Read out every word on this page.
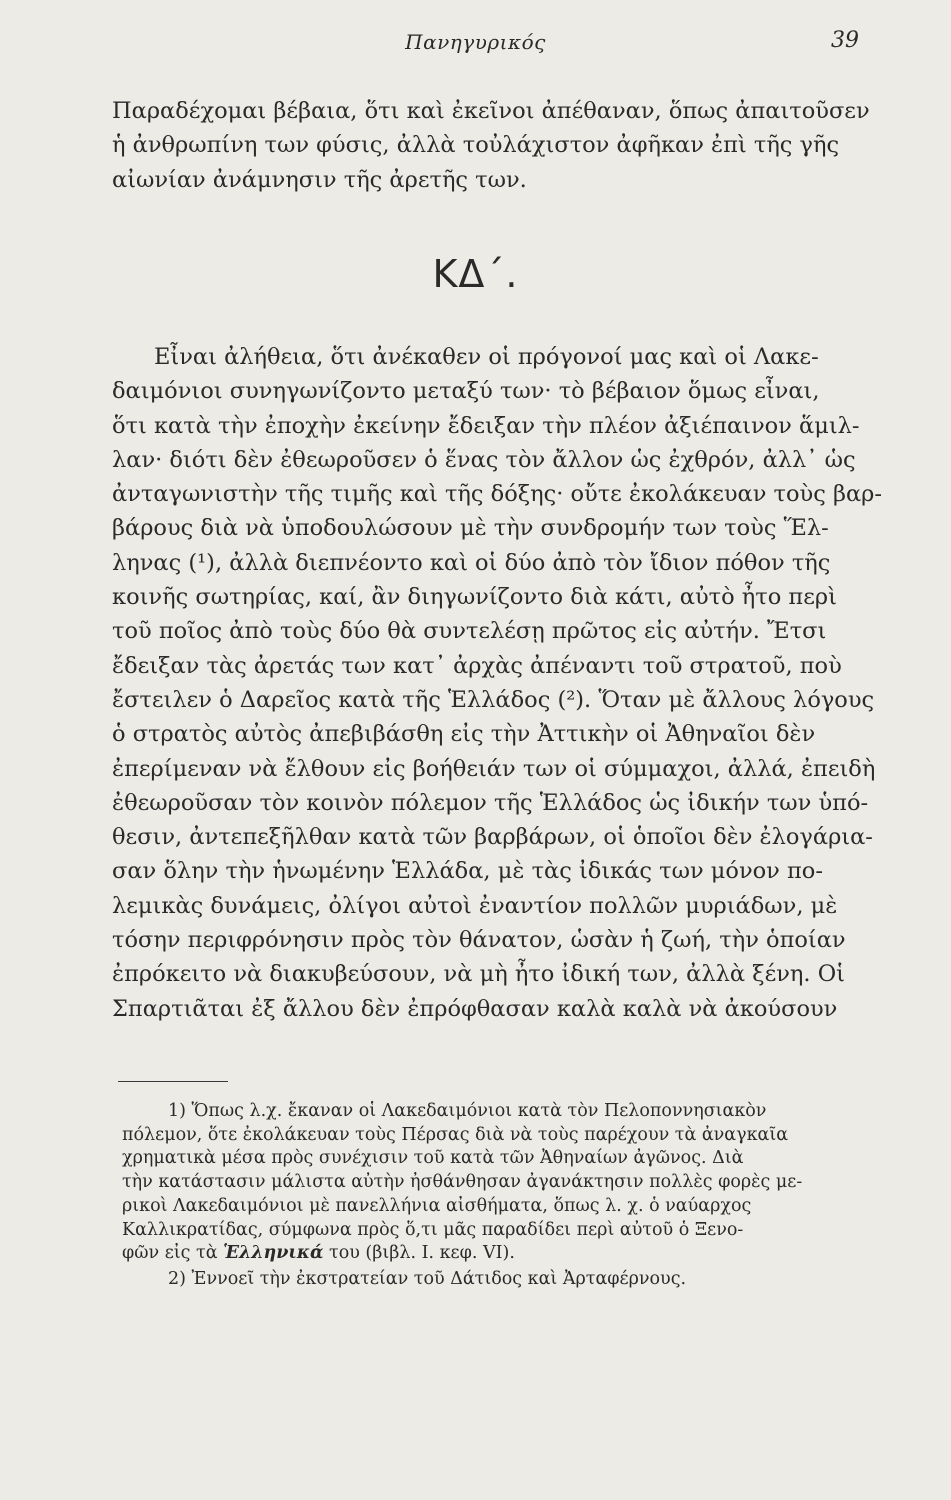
Πανηγυρικός	39
Παραδέχομαι βέβαια, ὅτι καὶ ἐκεῖνοι ἀπέθαναν, ὅπως ἀπαιτοῦσεν
ἡ ἀνθρωπίνη των φύσις, ἀλλὰ τοὐλάχιστον ἀφῆκαν ἐπὶ τῆς γῆς
αἰωνίαν ἀνάμνησιν τῆς ἀρετῆς των.
ΚΔ΄.
Εἶναι ἀλήθεια, ὅτι ἀνέκαθεν οἱ πρόγονοί μας καὶ οἱ Λακε-
δαιμόνιοι συνηγωνίζοντο μεταξύ των· τὸ βέβαιον ὅμως εἶναι,
ὅτι κατὰ τὴν ἐποχὴν ἐκείνην ἔδειξαν τὴν πλέον ἀξιέπαινον ἅμιλ-
λαν· διότι δὲν ἐθεωροῦσεν ὁ ἕνας τὸν ἄλλον ὡς ἐχθρόν, ἀλλ᾽ ὡς
ἀνταγωνιστὴν τῆς τιμῆς καὶ τῆς δόξης· οὔτε ἐκολάκευαν τοὺς βαρ-
βάρους διὰ νὰ ὑποδουλώσουν μὲ τὴν συνδρομήν των τοὺς Ἕλ-
ληνας (¹), ἀλλὰ διεπνέοντο καὶ οἱ δύο ἀπὸ τὸν ἴδιον πόθον τῆς
κοινῆς σωτηρίας, καί, ἂν διηγωνίζοντο διὰ κάτι, αὐτὸ ἦτο περὶ
τοῦ ποῖος ἀπὸ τοὺς δύο θὰ συντελέσῃ πρῶτος εἰς αὐτήν. Ἔτσι
ἔδειξαν τὰς ἀρετάς των κατ᾽ ἀρχὰς ἀπέναντι τοῦ στρατοῦ, ποὺ
ἔστειλεν ὁ Δαρεῖος κατὰ τῆς Ἑλλάδος (²). Ὅταν μὲ ἄλλους λόγους
ὁ στρατὸς αὐτὸς ἀπεβιβάσθη εἰς τὴν Ἀττικὴν οἱ Ἀθηναῖοι δὲν
ἐπερίμεναν νὰ ἔλθουν εἰς βοήθειάν των οἱ σύμμαχοι, ἀλλά, ἐπειδὴ
ἐθεωροῦσαν τὸν κοινὸν πόλεμον τῆς Ἑλλάδος ὡς ἰδικήν των ὑπό-
θεσιν, ἀντεπεξῆλθαν κατὰ τῶν βαρβάρων, οἱ ὁποῖοι δὲν ἐλογάρια-
σαν ὅλην τὴν ἡνωμένην Ἑλλάδα, μὲ τὰς ἰδικάς των μόνον πο-
λεμικὰς δυνάμεις, ὀλίγοι αὐτοὶ ἐναντίον πολλῶν μυριάδων, μὲ
τόσην περιφρόνησιν πρὸς τὸν θάνατον, ὡσὰν ἡ ζωή, τὴν ὁποίαν
ἐπρόκειτο νὰ διακυβεύσουν, νὰ μὴ ἦτο ἰδική των, ἀλλὰ ξένη. Οἱ
Σπαρτιᾶται ἐξ ἄλλου δὲν ἐπρόφθασαν καλὰ καλὰ νὰ ἀκούσουν
1) Ὅπως λ.χ. ἔκαναν οἱ Λακεδαιμόνιοι κατὰ τὸν Πελοποννησιακὸν
πόλεμον, ὅτε ἐκολάκευαν τοὺς Πέρσας διὰ νὰ τοὺς παρέχουν τὰ ἀναγκαῖα
χρηματικὰ μέσα πρὸς συνέχισιν τοῦ κατὰ τῶν Ἀθηναίων ἀγῶνος. Διὰ
τὴν κατάστασιν μάλιστα αὐτὴν ἠσθάνθησαν ἀγανάκτησιν πολλὲς φορὲς με-
ρικοὶ Λακεδαιμόνιοι μὲ πανελλήνια αἰσθήματα, ὅπως λ. χ. ὁ ναύαρχος
Καλλικρατίδας, σύμφωνα πρὸς ὅ,τι μᾶς παραδίδει περὶ αὐτοῦ ὁ Ξενο-
φῶν εἰς τὰ Ἑλληνικά του (βιβλ. Ι. κεφ. VI).
2) Ἐννοεῖ τὴν ἐκστρατείαν τοῦ Δάτιδος καὶ Ἀρταφέρνους.
